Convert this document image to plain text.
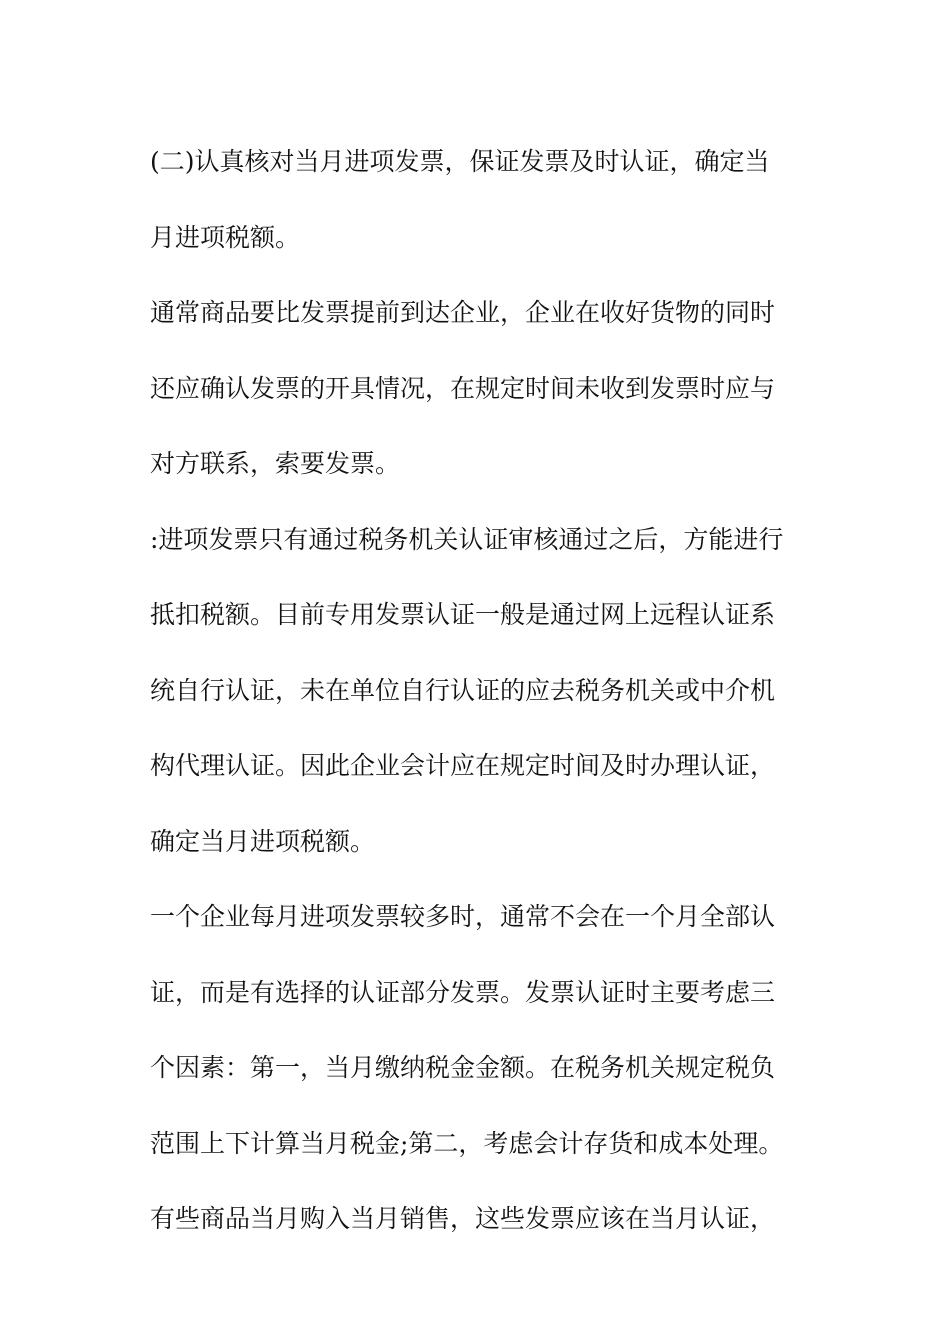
(二)认真核对当月进项发票，保证发票及时认证，确定当
月进项税额。
通常商品要比发票提前到达企业，企业在收好货物的同时
还应确认发票的开具情况，在规定时间未收到发票时应与
对方联系，索要发票。
:进项发票只有通过税务机关认证审核通过之后，方能进行
抵扣税额。目前专用发票认证一般是通过网上远程认证系
统自行认证，未在单位自行认证的应去税务机关或中介机
构代理认证。因此企业会计应在规定时间及时办理认证，
确定当月进项税额。
一个企业每月进项发票较多时，通常不会在一个月全部认
证，而是有选择的认证部分发票。发票认证时主要考虑三
个因素：第一，当月缴纳税金金额。在税务机关规定税负
范围上下计算当月税金;第二，考虑会计存货和成本处理。
有些商品当月购入当月销售，这些发票应该在当月认证，
